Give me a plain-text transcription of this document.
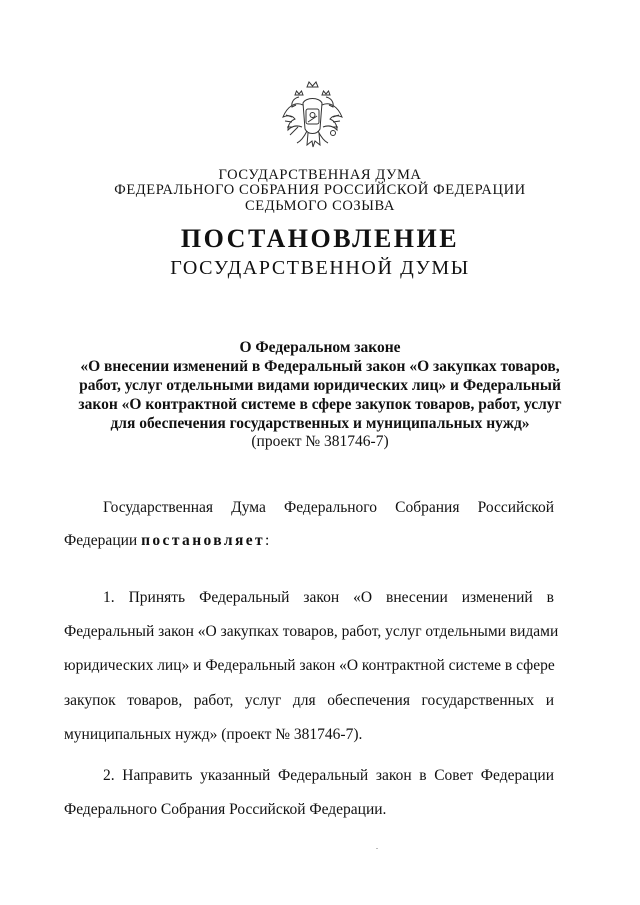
ГОСУДАРСТВЕННАЯ ДУМА
ФЕДЕРАЛЬНОГО СОБРАНИЯ РОССИЙСКОЙ ФЕДЕРАЦИИ
СЕДЬМОГО СОЗЫВА
ПОСТАНОВЛЕНИЕ
ГОСУДАРСТВЕННОЙ ДУМЫ
О Федеральном законе
«О внесении изменений в Федеральный закон «О закупках товаров,
работ, услуг отдельными видами юридических лиц» и Федеральный
закон «О контрактной системе в сфере закупок товаров, работ, услуг
для обеспечения государственных и муниципальных нужд»
(проект № 381746-7)
Государственная Дума Федерального Собрания Российской
Федерации постановляет:
1. Принять Федеральный закон «О внесении изменений в
Федеральный закон «О закупках товаров, работ, услуг отдельными видами
юридических лиц» и Федеральный закон «О контрактной системе в сфере
закупок товаров, работ, услуг для обеспечения государственных и
муниципальных нужд» (проект № 381746-7).
2. Направить указанный Федеральный закон в Совет Федерации
Федерального Собрания Российской Федерации.
